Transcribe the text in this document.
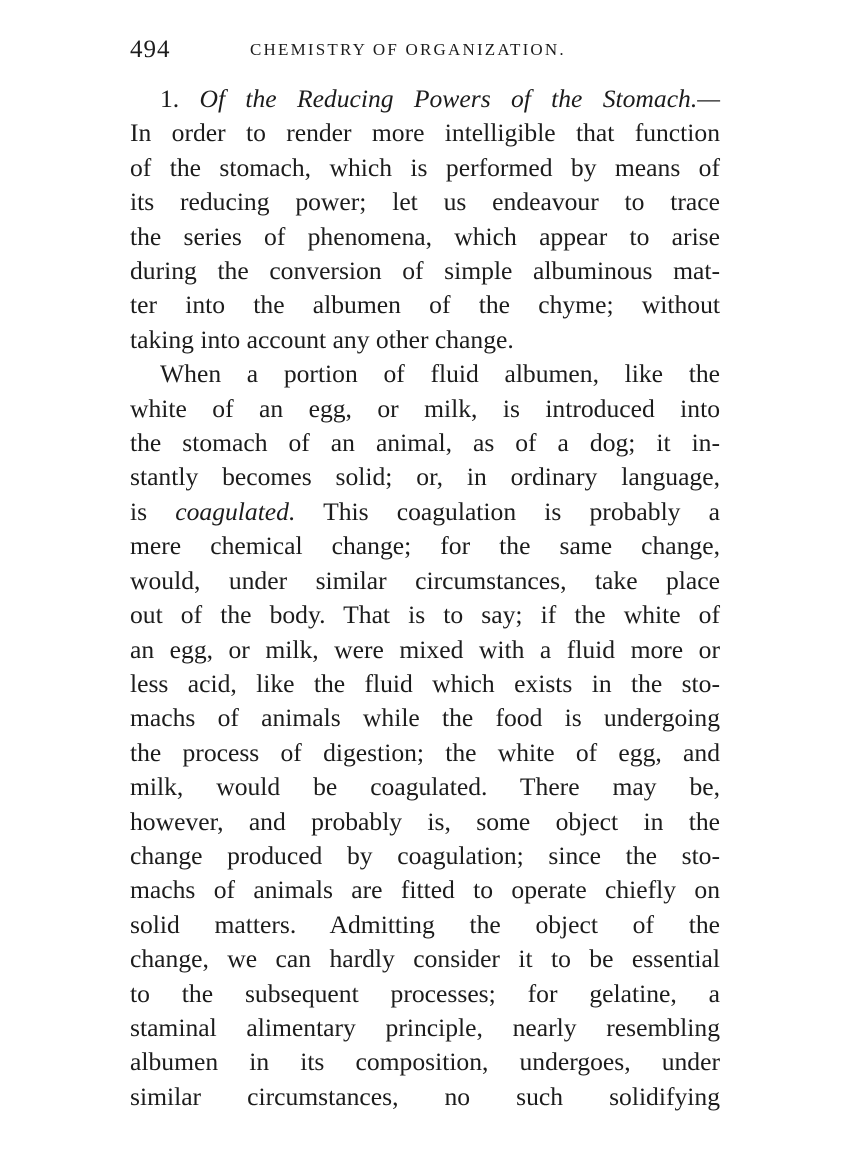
494	CHEMISTRY OF ORGANIZATION.
1. Of the Reducing Powers of the Stomach.—
In order to render more intelligible that function
of the stomach, which is performed by means of
its reducing power; let us endeavour to trace
the series of phenomena, which appear to arise
during the conversion of simple albuminous mat-
ter into the albumen of the chyme; without
taking into account any other change.
When a portion of fluid albumen, like the
white of an egg, or milk, is introduced into
the stomach of an animal, as of a dog; it in-
stantly becomes solid; or, in ordinary language,
is coagulated. This coagulation is probably a
mere chemical change; for the same change,
would, under similar circumstances, take place
out of the body. That is to say; if the white of
an egg, or milk, were mixed with a fluid more or
less acid, like the fluid which exists in the sto-
machs of animals while the food is undergoing
the process of digestion; the white of egg, and
milk, would be coagulated. There may be,
however, and probably is, some object in the
change produced by coagulation; since the sto-
machs of animals are fitted to operate chiefly on
solid matters. Admitting the object of the
change, we can hardly consider it to be essential
to the subsequent processes; for gelatine, a
staminal alimentary principle, nearly resembling
albumen in its composition, undergoes, under
similar circumstances, no such solidifying
